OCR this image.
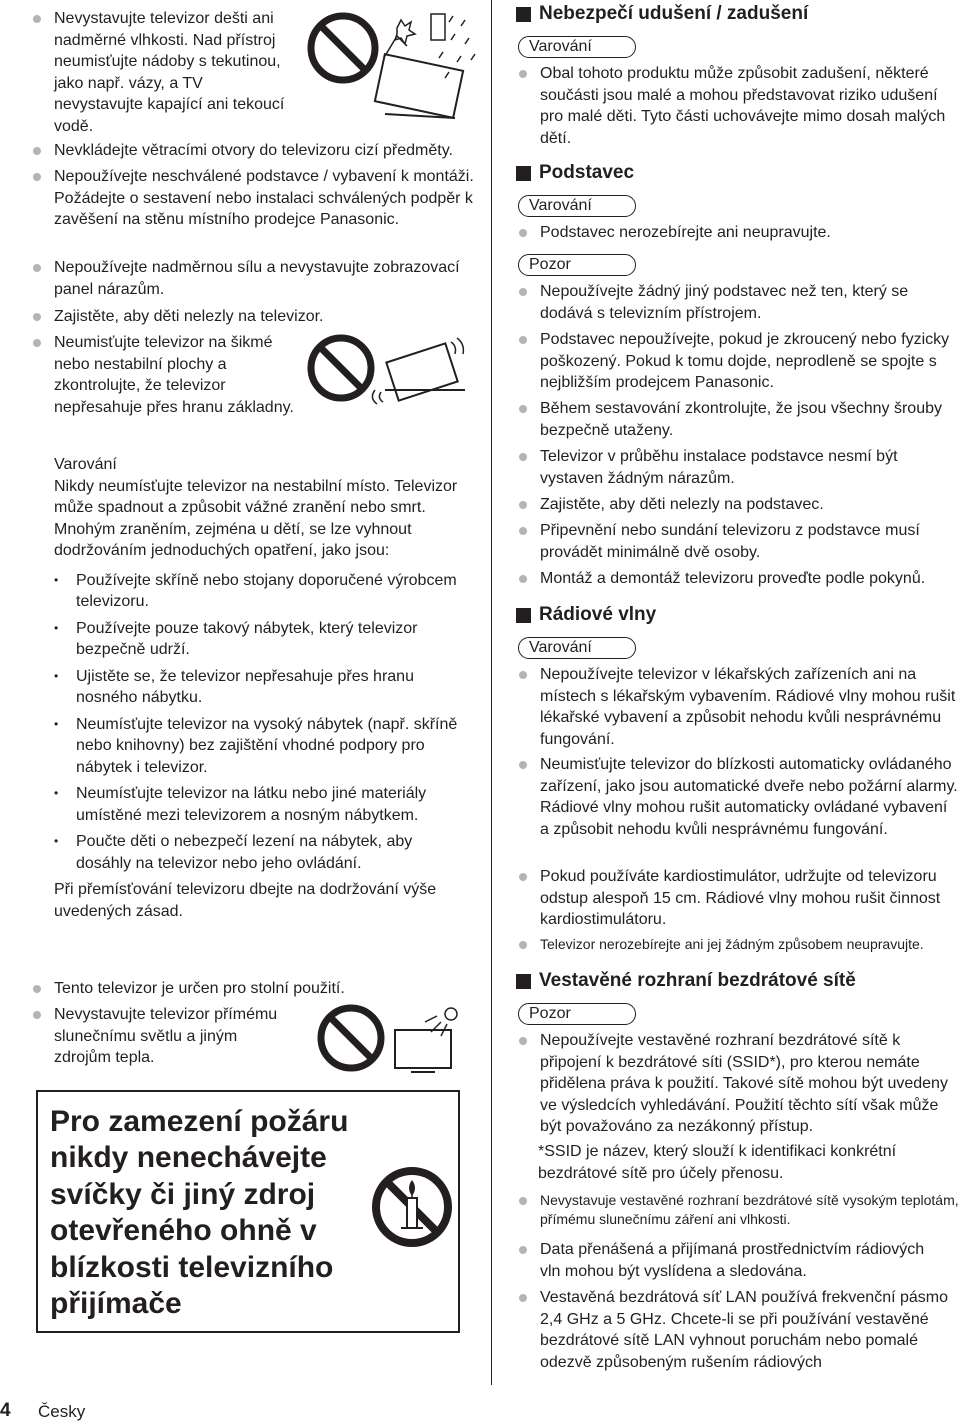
Nevystavujte televizor dešti ani nadměrné vlhkosti. Nad přístroj neumisťujte nádoby s tekutinou, jako např. vázy, a TV nevystavujte kapající ani tekoucí vodě.

Nevkládejte větracími otvory do televizoru cizí předměty.

Nepoužívejte neschválené podstavce / vybavení k montáži. Požádejte o sestavení nebo instalaci schválených podpěr k zavěšení na stěnu místního prodejce Panasonic.

Nepoužívejte nadměrnou sílu a nevystavujte zobrazovací panel nárazům.

Zajistěte, aby děti nelezly na televizor.

Neumisťujte televizor na šikmé nebo nestabilní plochy a zkontrolujte, že televizor nepřesahuje přes hranu základny.

Varování

Nikdy neumísťujte televizor na nestabilní místo. Televizor může spadnout a způsobit vážné zranění nebo smrt. Mnohým zraněním, zejména u dětí, se lze vyhnout dodržováním jednoduchých opatření, jako jsou:

• Používejte skříně nebo stojany doporučené výrobcem televizoru.

• Používejte pouze takový nábytek, který televizor bezpečně udrží.

• Ujistěte se, že televizor nepřesahuje přes hranu nosného nábytku.

• Neumísťujte televizor na vysoký nábytek (např. skříně nebo knihovny) bez zajištění vhodné podpory pro nábytek i televizor.

• Neumísťujte televizor na látku nebo jiné materiály umístěné mezi televizorem a nosným nábytkem.

• Poučte děti o nebezpečí lezení na nábytek, aby dosáhly na televizor nebo jeho ovládání.

Při přemísťování televizoru dbejte na dodržování výše uvedených zásad.

Tento televizor je určen pro stolní použití.

Nevystavujte televizor přímému slunečnímu světlu a jiným zdrojům tepla.

Pro zamezení požáru nikdy nenechávejte svíčky či jiný zdroj otevřeného ohně v blízkosti televizního přijímače
Nebezpečí udušení / zadušení
Varování

Obal tohoto produktu může způsobit zadušení, některé součásti jsou malé a mohou představovat riziko udušení pro malé děti. Tyto části uchovávejte mimo dosah malých dětí.

Podstavec
Varování

Podstavec nerozebírejte ani neupravujte.

Pozor

Nepoužívejte žádný jiný podstavec než ten, který se dodává s televizním přístrojem.

Podstavec nepoužívejte, pokud je zkroucený nebo fyzicky poškozený. Pokud k tomu dojde, neprodleně se spojte s nejbližším prodejcem Panasonic.

Během sestavování zkontrolujte, že jsou všechny šrouby bezpečně utaženy.

Televizor v průběhu instalace podstavce nesmí být vystaven žádným nárazům.

Zajistěte, aby děti nelezly na podstavec.

Připevnění nebo sundání televizoru z podstavce musí provádět minimálně dvě osoby.

Montáž a demontáž televizoru proveďte podle pokynů.

Rádiové vlny
Varování

Nepoužívejte televizor v lékařských zařízeních ani na místech s lékařským vybavením. Rádiové vlny mohou rušit lékařské vybavení a způsobit nehodu kvůli nesprávnému fungování.

Neumisťujte televizor do blízkosti automaticky ovládaného zařízení, jako jsou automatické dveře nebo požární alarmy. Rádiové vlny mohou rušit automaticky ovládané vybavení a způsobit nehodu kvůli nesprávnému fungování.

Pokud používáte kardiostimulátor, udržujte od televizoru odstup alespoň 15 cm. Rádiové vlny mohou rušit činnost kardiostimulátoru.

Televizor nerozebírejte ani jej žádným způsobem neupravujte.

Vestavěné rozhraní bezdrátové sítě
Pozor

Nepoužívejte vestavěné rozhraní bezdrátové sítě k připojení k bezdrátové síti (SSID*), pro kterou nemáte přidělena práva k použití. Takové sítě mohou být uvedeny ve výsledcích vyhledávání. Použití těchto sítí však může být považováno za nezákonný přístup.

*SSID je název, který slouží k identifikaci konkrétní bezdrátové sítě pro účely přenosu.

Nevystavuje vestavěné rozhraní bezdrátové sítě vysokým teplotám, přímému slunečnímu záření ani vlhkosti.

Data přenášená a přijímaná prostřednictvím rádiových vln mohou být vyslídena a sledována.

Vestavěná bezdrátová síť LAN používá frekvenční pásmo 2,4 GHz a 5 GHz. Chcete-li se při používání vestavěné bezdrátové sítě LAN vyhnout poruchám nebo pomalé odezvě způsobeným rušením rádiových

4 Česky
